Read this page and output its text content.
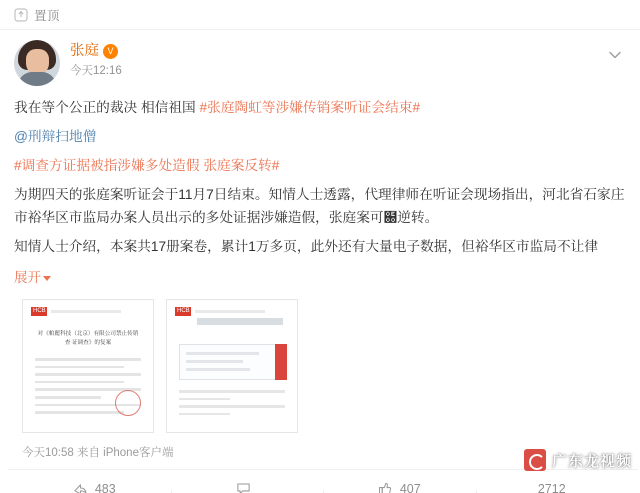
置顶
张庭 V
今天12:16

我在等个公正的裁决 相信祖国 #张庭陶虹等涉嫌传销案听证会结束#

@刑辩扫地僧

#调查方证据被指涉嫌多处造假 张庭案反转#

为期四天的张庭案听证会于11月7日结束。知情人士透露，代理律师在听证会现场指出，河北省石家庄市裕华区市监局办案人员出示的多处证据涉嫌造假，张庭案可฀逆转。

知情人士介绍，本案共17册案卷，累计1万多页，此外还有大量电子数据，但裕华区市监局不让律

展开
HCB
对《帕麗科技（北京）有限公司禁止传销查 证调查》的复案
HCB
今天10:58 来自 iPhone客户端
483	407	2712
广东龙视频
